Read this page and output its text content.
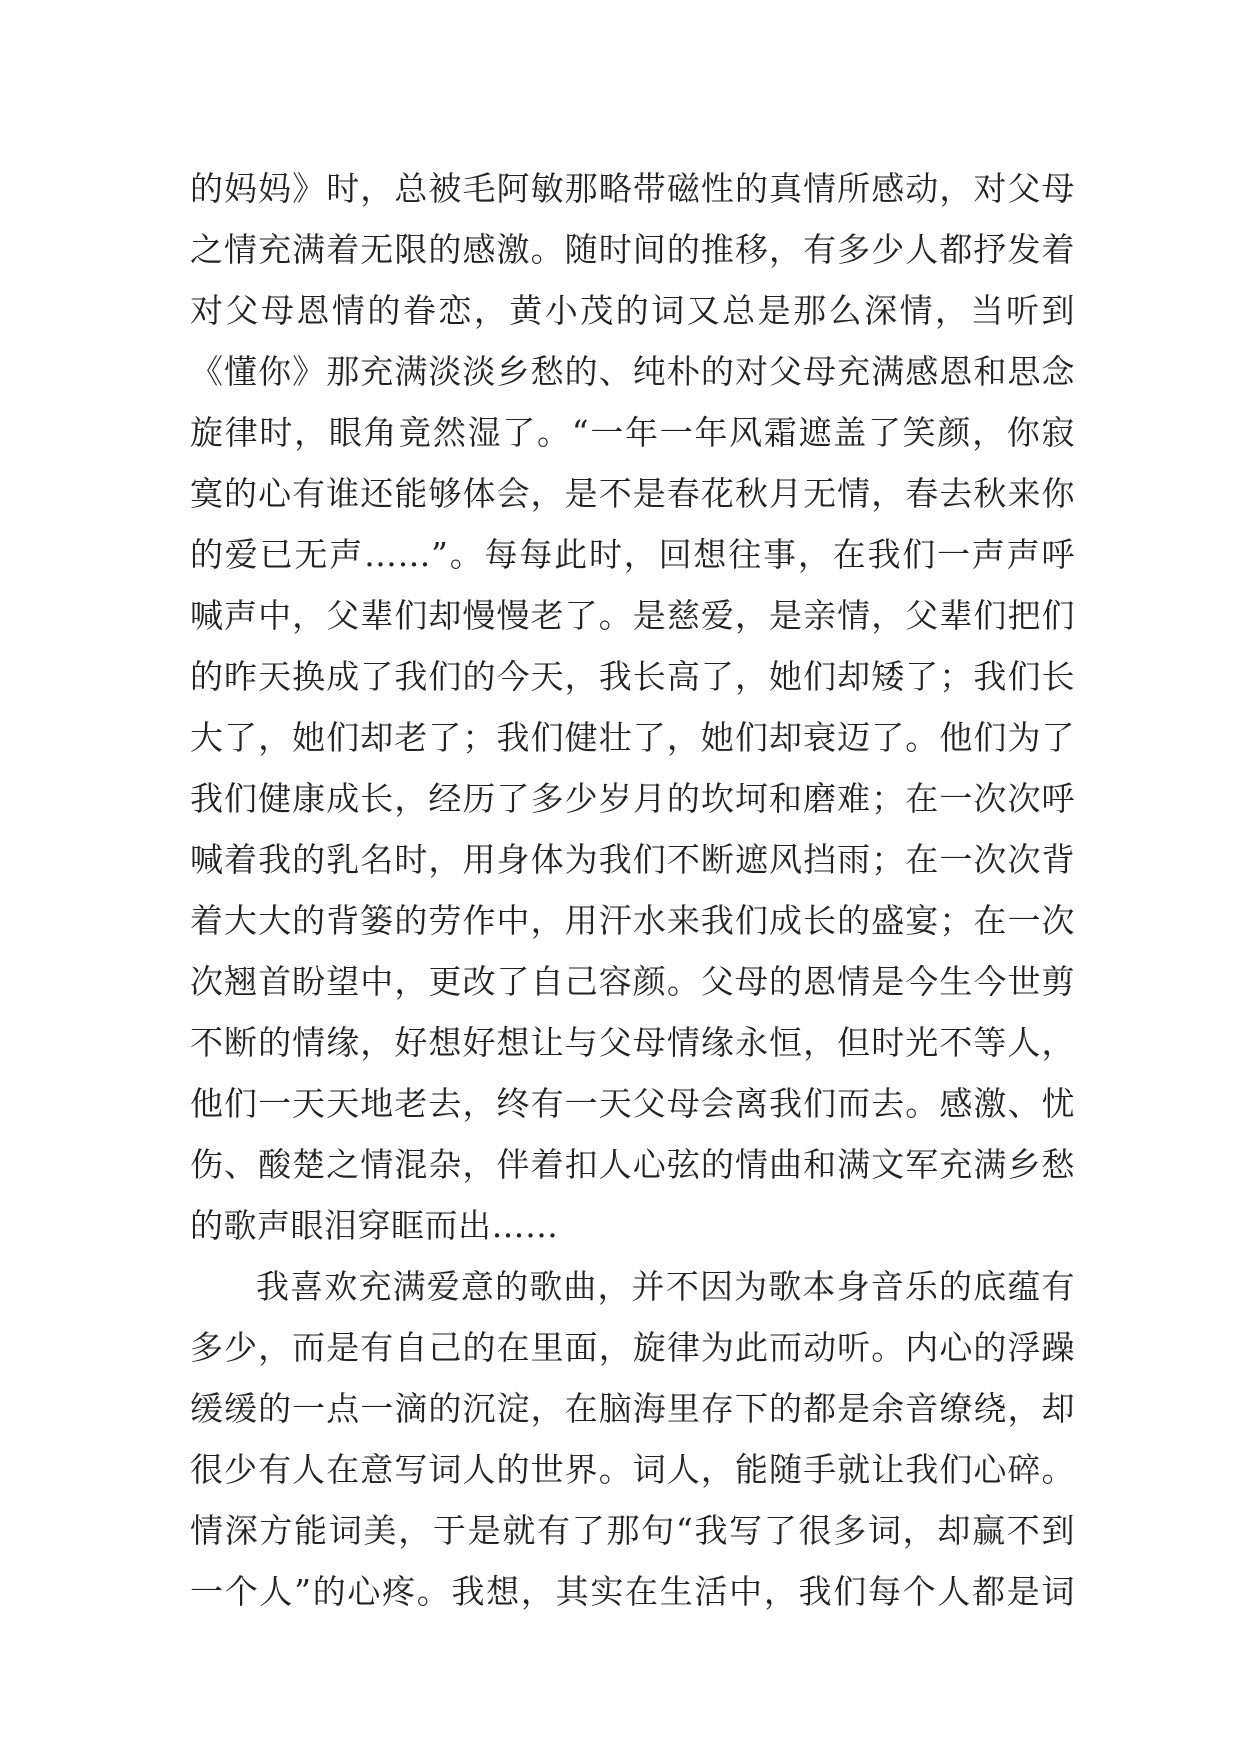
的妈妈》时，总被毛阿敏那略带磁性的真情所感动，对父母
之情充满着无限的感激。随时间的推移，有多少人都抒发着
对父母恩情的眷恋，黄小茂的词又总是那么深情，当听到
《懂你》那充满淡淡乡愁的、纯朴的对父母充满感恩和思念
旋律时，眼角竟然湿了。“一年一年风霜遮盖了笑颜，你寂
寞的心有谁还能够体会，是不是春花秋月无情，春去秋来你
的爱已无声……”。每每此时，回想往事，在我们一声声呼
喊声中，父辈们却慢慢老了。是慈爱，是亲情，父辈们把们
的昨天换成了我们的今天，我长高了，她们却矮了；我们长
大了，她们却老了；我们健壮了，她们却衰迈了。他们为了
我们健康成长，经历了多少岁月的坎坷和磨难；在一次次呼
喊着我的乳名时，用身体为我们不断遮风挡雨；在一次次背
着大大的背篓的劳作中，用汗水来我们成长的盛宴；在一次
次翘首盼望中，更改了自己容颜。父母的恩情是今生今世剪
不断的情缘，好想好想让与父母情缘永恒，但时光不等人，
他们一天天地老去，终有一天父母会离我们而去。感激、忧
伤、酸楚之情混杂，伴着扣人心弦的情曲和满文军充满乡愁
的歌声眼泪穿眶而出……
我喜欢充满爱意的歌曲，并不因为歌本身音乐的底蕴有
多少，而是有自己的在里面，旋律为此而动听。内心的浮躁
缓缓的一点一滴的沉淀，在脑海里存下的都是余音缭绕，却
很少有人在意写词人的世界。词人，能随手就让我们心碎。
情深方能词美，于是就有了那句“我写了很多词，却赢不到
一个人”的心疼。我想，其实在生活中，我们每个人都是词
